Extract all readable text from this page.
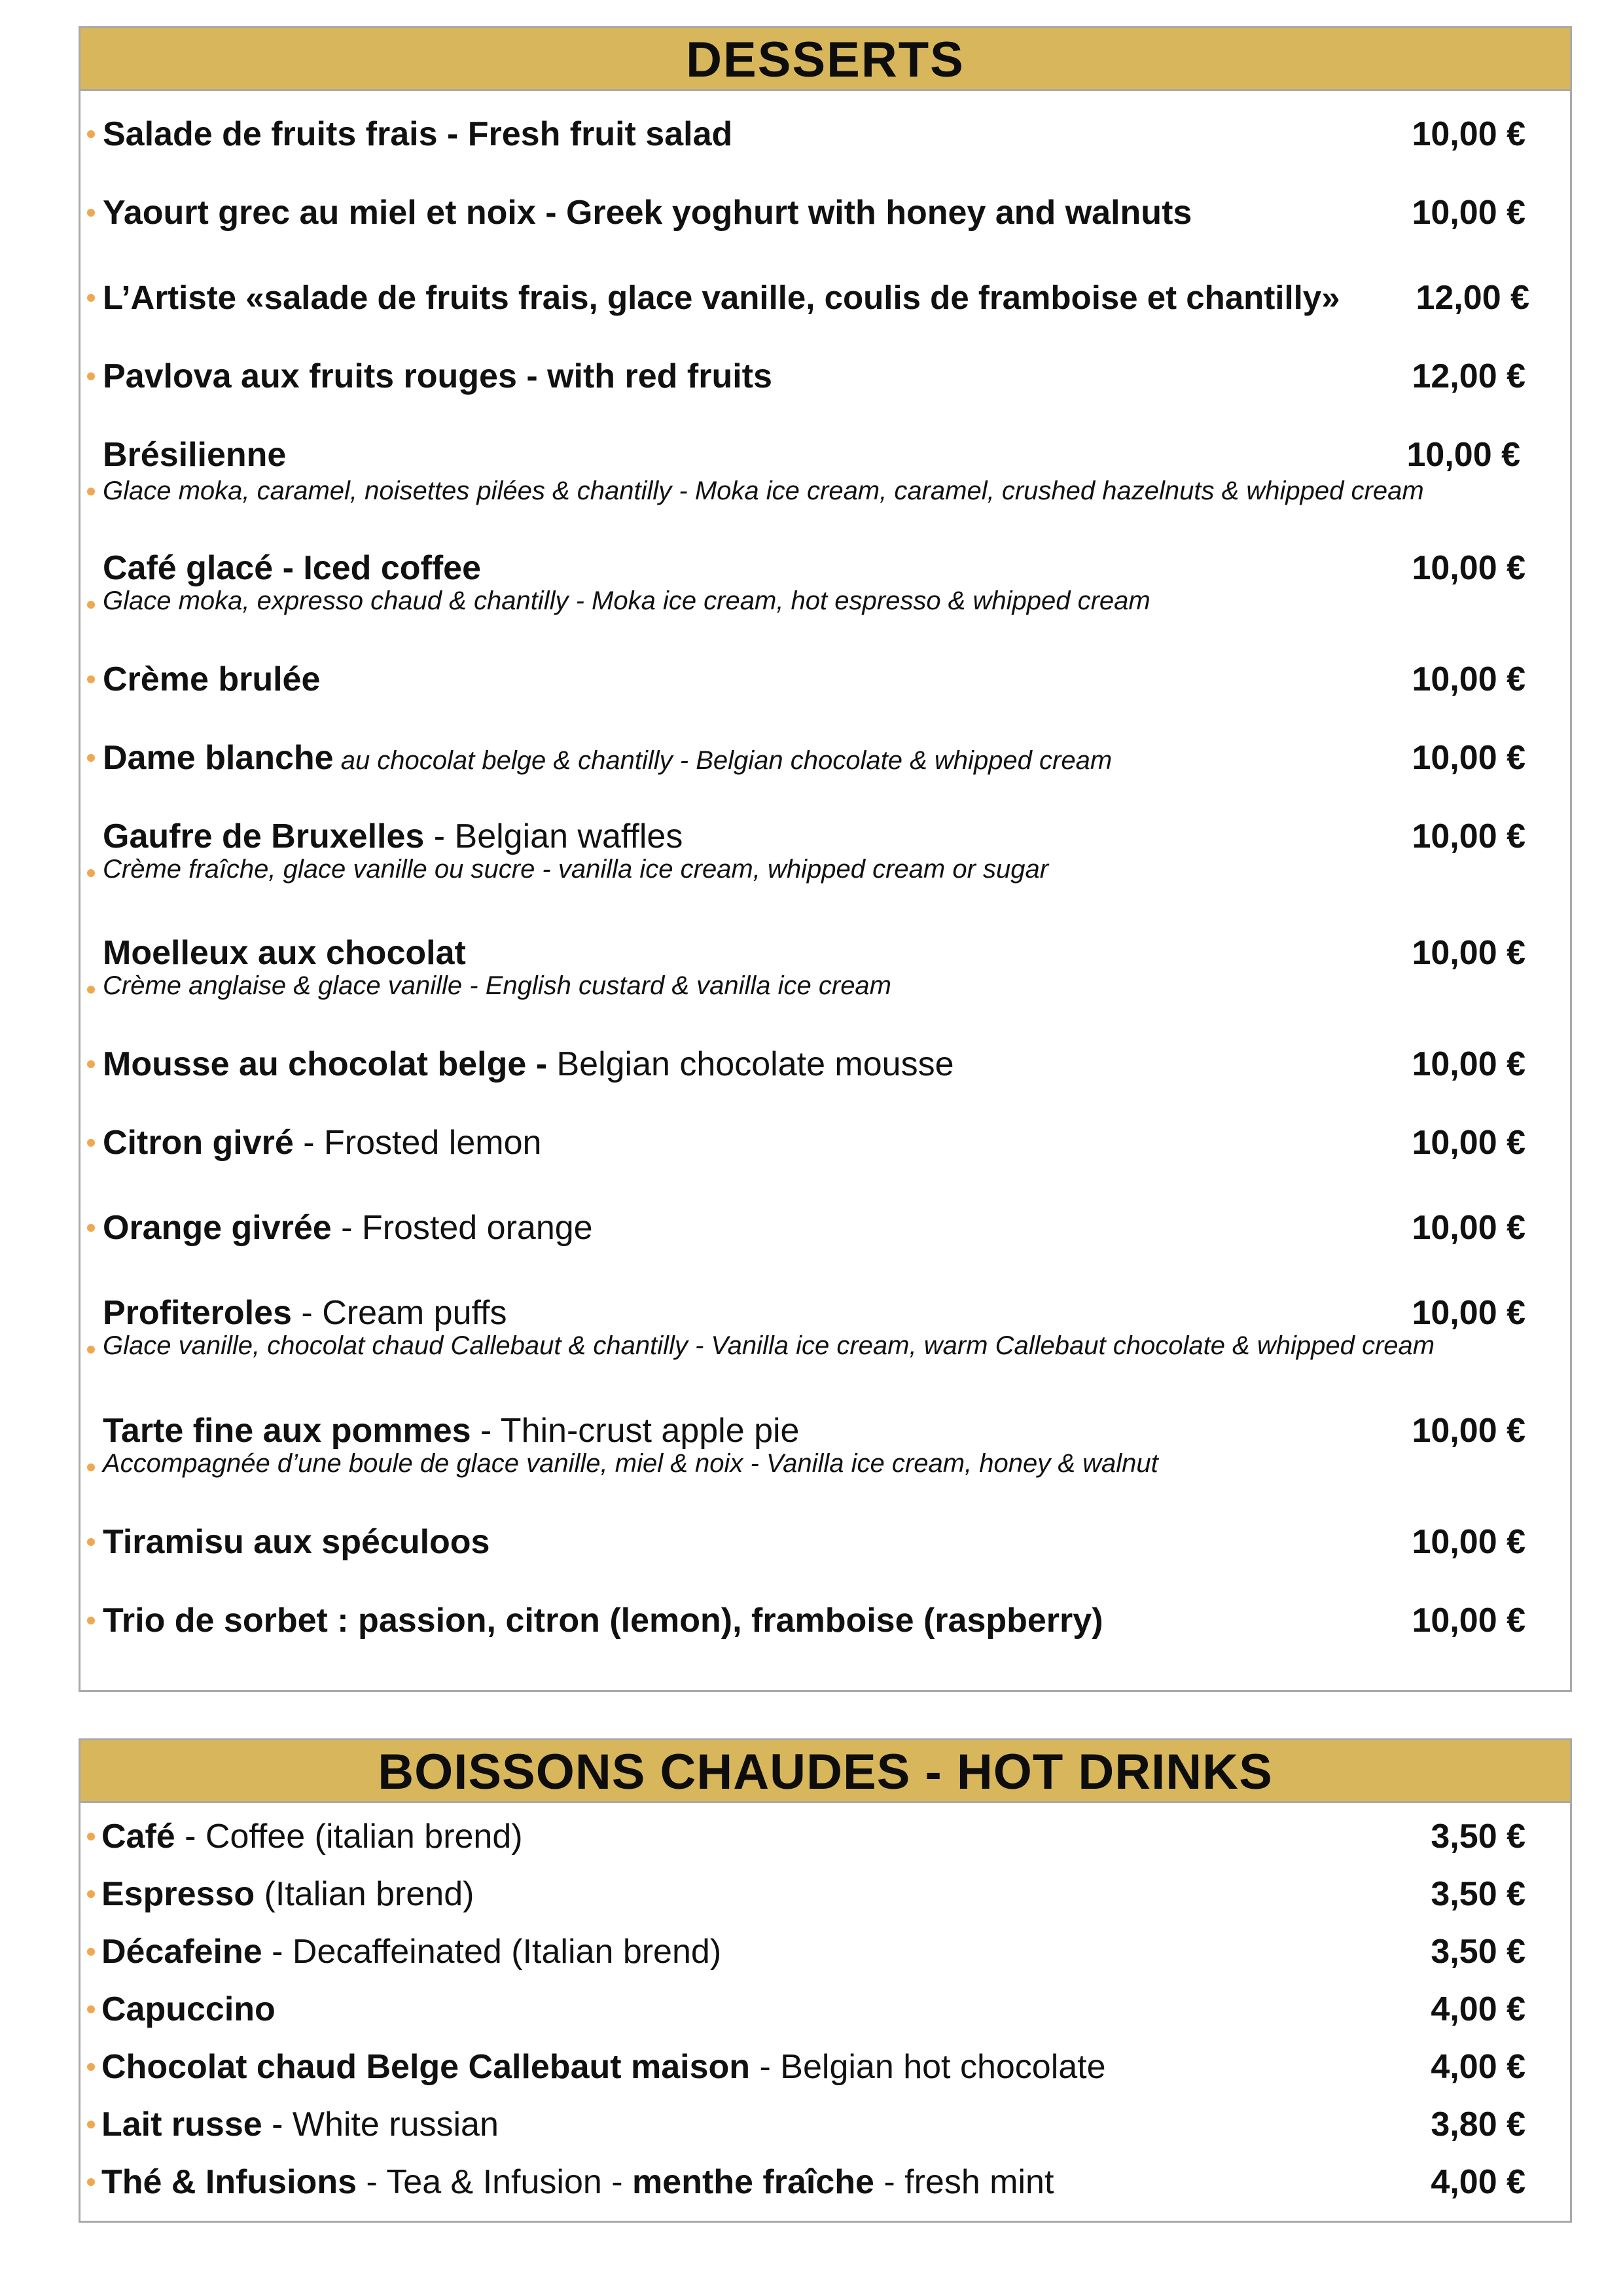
DESSERTS
Salade de fruits frais - Fresh fruit salad	10,00 €
Yaourt grec au miel et noix - Greek yoghurt with honey and walnuts	10,00 €
L’Artiste «salade de fruits frais, glace vanille, coulis de framboise et chantilly»	12,00 €
Pavlova aux fruits rouges - with red fruits	12,00 €
Brésilienne	10,00 €
Glace moka, caramel, noisettes pilées & chantilly - Moka ice cream, caramel, crushed hazelnuts & whipped cream
Café glacé - Iced coffee	10,00 €
Glace moka, expresso chaud & chantilly - Moka ice cream, hot espresso & whipped cream
Crème brulée	10,00 €
Dame blanche au chocolat belge & chantilly - Belgian chocolate & whipped cream	10,00 €
Gaufre de Bruxelles - Belgian waffles	10,00 €
Crème fraîche, glace vanille ou sucre - vanilla ice cream, whipped cream or sugar
Moelleux aux chocolat	10,00 €
Crème anglaise & glace vanille - English custard & vanilla ice cream
Mousse au chocolat belge - Belgian chocolate mousse	10,00 €
Citron givré - Frosted lemon	10,00 €
Orange givrée - Frosted orange	10,00 €
Profiteroles - Cream puffs	10,00 €
Glace vanille, chocolat chaud Callebaut & chantilly - Vanilla ice cream, warm Callebaut chocolate & whipped cream
Tarte fine aux pommes - Thin-crust apple pie	10,00 €
Accompagnée d’une boule de glace vanille, miel & noix - Vanilla ice cream, honey & walnut
Tiramisu aux spéculoos	10,00 €
Trio de sorbet : passion, citron (lemon), framboise (raspberry)	10,00 €
BOISSONS CHAUDES - HOT DRINKS
Café - Coffee (italian brend)	3,50 €
Espresso (Italian brend)	3,50 €
Décafeine - Decaffeinated (Italian brend)	3,50 €
Capuccino	4,00 €
Chocolat chaud Belge Callebaut maison - Belgian hot chocolate	4,00 €
Lait russe - White russian	3,80 €
Thé & Infusions - Tea & Infusion - menthe fraîche - fresh mint	4,00 €
